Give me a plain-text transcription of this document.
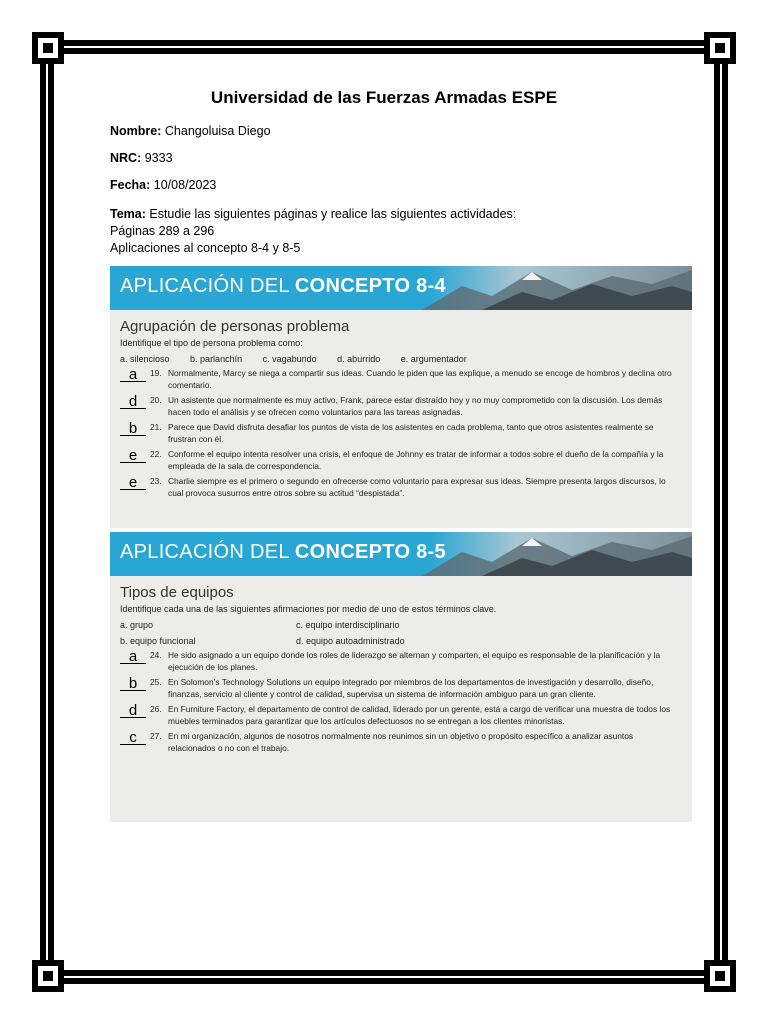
Universidad de las Fuerzas Armadas ESPE
Nombre: Changoluisa Diego
NRC: 9333
Fecha: 10/08/2023
Tema: Estudie las siguientes páginas y realice las siguientes actividades:
Páginas 289 a 296
Aplicaciones al concepto 8-4 y 8-5
APLICACIÓN DEL CONCEPTO 8-4
Agrupación de personas problema
Identifique el tipo de persona problema como:
a. silencioso b. parlanchín c. vagabundo d. aburrido e. argumentador
a	19. Normalmente, Marcy se niega a compartir sus ideas. Cuando le piden que las explique, a menudo se encoge de hombros y declina otro comentario.
d	20. Un asistente que normalmente es muy activo, Frank, parece estar distraído hoy y no muy comprometido con la discusión. Los demás hacen todo el análisis y se ofrecen como voluntarios para las tareas asignadas.
b	21. Parece que David disfruta desafiar los puntos de vista de los asistentes en cada problema, tanto que otros asistentes realmente se frustran con él.
e	22. Conforme el equipo intenta resolver una crisis, el enfoque de Johnny es tratar de informar a todos sobre el dueño de la compañía y la empleada de la sala de correspondencia.
e	23. Charlie siempre es el primero o segundo en ofrecerse como voluntario para expresar sus ideas. Siempre presenta largos discursos, lo cual provoca susurros entre otros sobre su actitud “despistada”.
APLICACIÓN DEL CONCEPTO 8-5
Tipos de equipos
Identifique cada una de las siguientes afirmaciones por medio de uno de estos términos clave.
a. grupo	c. equipo interdisciplinario
b. equipo funcional	d. equipo autoadministrado
a	24. He sido asignado a un equipo donde los roles de liderazgo se alternan y comparten, el equipo es responsable de la planificación y la ejecución de los planes.
b	25. En Solomon’s Technology Solutions un equipo integrado por miembros de los departamentos de investigación y desarrollo, diseño, finanzas, servicio al cliente y control de calidad, supervisa un sistema de información ambiguo para un gran cliente.
d	26. En Furniture Factory, el departamento de control de calidad, liderado por un gerente, está a cargo de verificar una muestra de todos los muebles terminados para garantizar que los artículos defectuosos no se entregan a los clientes minoristas.
c	27. En mi organización, algunos de nosotros normalmente nos reunimos sin un objetivo o propósito específico a analizar asuntos relacionados o no con el trabajo.
